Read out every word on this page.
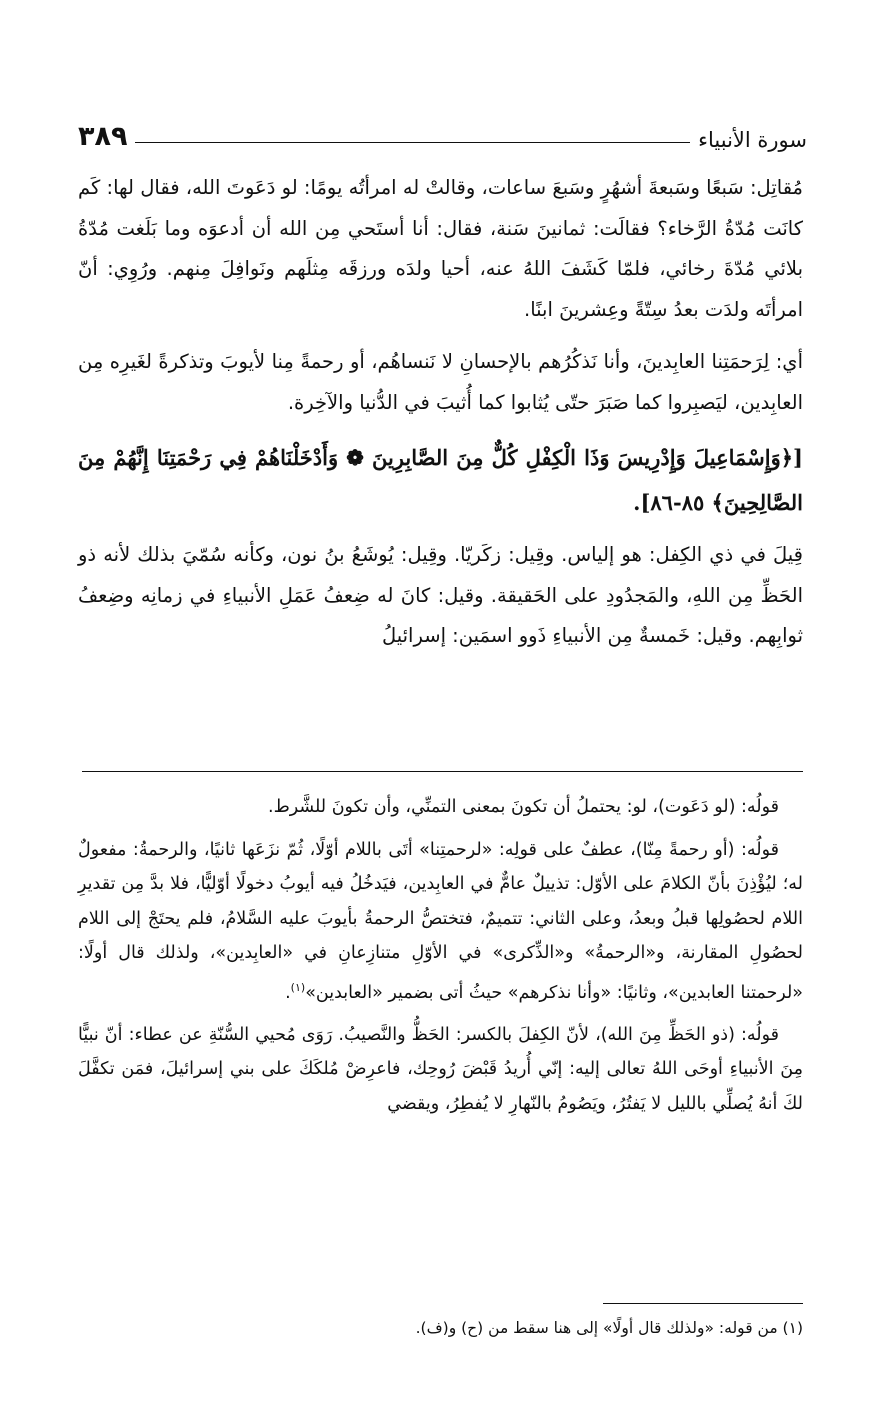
سورة الأنبياء
٣٨٩

مُقاتِل: سَبعًا وسَبعةَ أشهُرٍ وسَبعَ ساعات، وقالتْ له امرأتُه يومًا: لو دَعَوتَ الله، فقال لها: كَم كانَت مُدّةُ الرَّخاء؟ فقالَت: ثمانينَ سَنة، فقال: أنا أستَحي مِن الله أن أدعوَه وما بَلَغت مُدّةُ بلائي مُدّةَ رخائي، فلمّا كَشَفَ اللهُ عنه، أحيا ولدَه ورزقَه مِثلَهم ونَوافِلَ مِنهم. ورُوِي: أنّ امرأتَه ولدَت بعدُ سِتّةً وعِشرينَ ابنًا.

أي: لِرَحمَتِنا العابِدينَ، وأنا نَذكُرُهم بالإحسانِ لا نَنساهُم، أو رحمةً مِنا لأيوبَ وتذكرةً لغَيرِه مِن العابِدين، ليَصبِروا كما صَبَرَ حتّى يُثابوا كما أُثيبَ في الدُّنيا والآخِرة.

[﴿وَإِسْمَاعِيلَ وَإِدْرِيسَ وَذَا الْكِفْلِ كُلٌّ مِنَ الصَّابِرِينَ ❁ وَأَدْخَلْنَاهُمْ فِي رَحْمَتِنَا إِنَّهُمْ مِنَ الصَّالِحِينَ﴾ ٨٥-٨٦].

قِيلَ في ذي الكِفل: هو إلياس. وقِيل: زكَريّا. وقِيل: يُوشَعُ بنُ نون، وكأنه سُمّيَ بذلك لأنه ذو الحَظِّ مِن اللهِ، والمَجدُودِ على الحَقيقة. وقيل: كانَ له ضِعفُ عَمَلِ الأنبياءِ في زمانِه وضِعفُ ثوابِهم. وقيل: خَمسةٌ مِن الأنبياءِ ذَوو اسمَين: إسرائيلُ

قولُه: (لو دَعَوت)، لو: يحتملُ أن تكونَ بمعنى التمنِّي، وأن تكونَ للشَّرط.

قولُه: (أو رحمةً مِنّا)، عطفٌ على قولِه: «لرحمتِنا» أتَى باللام أوّلًا، ثُمّ نزَعَها ثانيًا، والرحمةُ: مفعولٌ له؛ ليُؤْذِنَ بأنّ الكلامَ على الأوّل: تذييلٌ عامٌّ في العابِدين، فيَدخُلُ فيه أيوبُ دخولًا أوّليًّا، فلا بدَّ مِن تقديرِ اللام لحصُولِها قبلُ وبعدُ، وعلى الثاني: تتميمٌ، فتختصُّ الرحمةُ بأيوبَ عليه السَّلامُ، فلم يحتَجْ إلى اللام لحصُولِ المقارنة، و«الرحمةُ» و«الذِّكرى» في الأوّلِ متنازِعانِ في «العابِدين»، ولذلك قال أولًا: «لرحمتنا العابدين»، وثانيًا: «وأنا نذكرهم» حيثُ أتى بضمير «العابدين»$^{(١)}$.

قولُه: (ذو الحَظِّ مِنَ الله)، لأنّ الكِفلَ بالكسر: الحَظُّ والنَّصيبُ. رَوَى مُحيي السُّنّةِ عن عطاء: أنّ نبيًّا مِنَ الأنبياءِ أوحَى اللهُ تعالى إليه: إنّي أُريدُ قَبْضَ رُوحِك، فاعرِضْ مُلكَكَ على بني إسرائيلَ، فمَن تكفَّلَ لكَ أنهُ يُصلِّي بالليل لا يَفتُرُ، ويَصُومُ بالنّهارِ لا يُفطِرُ، ويقضي

(١) من قوله: «ولذلك قال أولًا» إلى هنا سقط من (ح) و(ف).
